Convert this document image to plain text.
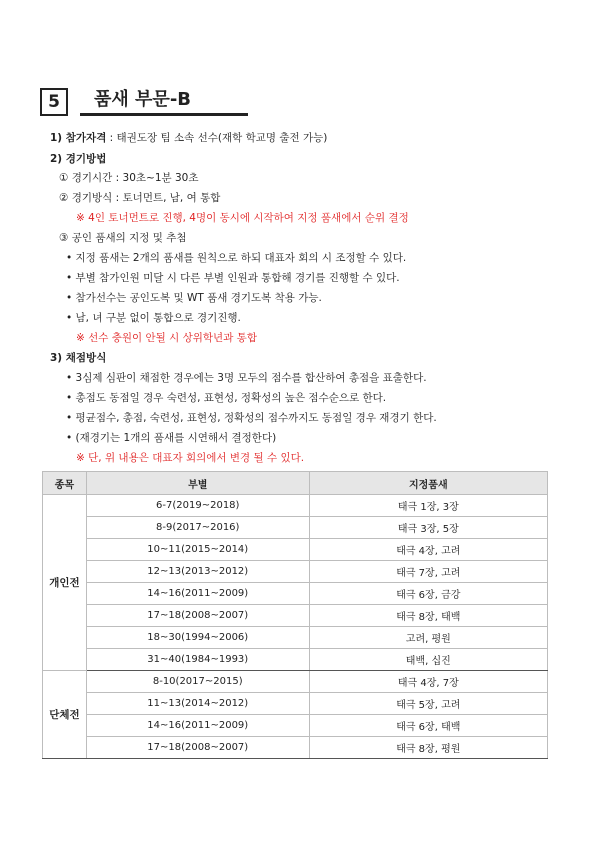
5	품새 부문-B
1) 참가자격 : 태권도장 팀 소속 선수(재학 학교명 출전 가능)
2) 경기방법
① 경기시간 : 30초~1분 30초
② 경기방식 : 토너먼트, 남, 여 통합
※ 4인 토너먼트로 진행, 4명이 동시에 시작하여 지정 품새에서 순위 결정
③ 공인 품새의 지정 및 추첨
• 지정 품새는 2개의 품새를 원칙으로 하되 대표자 회의 시 조정할 수 있다.
• 부별 참가인원 미달 시 다른 부별 인원과 통합해 경기를 진행할 수 있다.
• 참가선수는 공인도복 및 WT 품새 경기도복 착용 가능.
• 남, 녀 구분 없이 통합으로 경기진행.
※ 선수 충원이 안될 시 상위학년과 통합
3) 채점방식
• 3심제 심판이 채점한 경우에는 3명 모두의 점수를 합산하여 총점을 표출한다.
• 총점도 동점일 경우 숙련성, 표현성, 정확성의 높은 점수순으로 한다.
• 평균점수, 총점, 숙련성, 표현성, 정확성의 점수까지도 동점일 경우 재경기 한다.
• (재경기는 1개의 품새를 시연해서 결정한다)
※ 단, 위 내용은 대표자 회의에서 변경 될 수 있다.
종목	부별	지정품새
개인전	6-7(2019~2018)	태극 1장, 3장
	8-9(2017~2016)	태극 3장, 5장
	10~11(2015~2014)	태극 4장, 고려
	12~13(2013~2012)	태극 7장, 고려
	14~16(2011~2009)	태극 6장, 금강
	17~18(2008~2007)	태극 8장, 태백
	18~30(1994~2006)	고려, 평원
	31~40(1984~1993)	태백, 십진
단체전	8-10(2017~2015)	태극 4장, 7장
	11~13(2014~2012)	태극 5장, 고려
	14~16(2011~2009)	태극 6장, 태백
	17~18(2008~2007)	태극 8장, 평원
